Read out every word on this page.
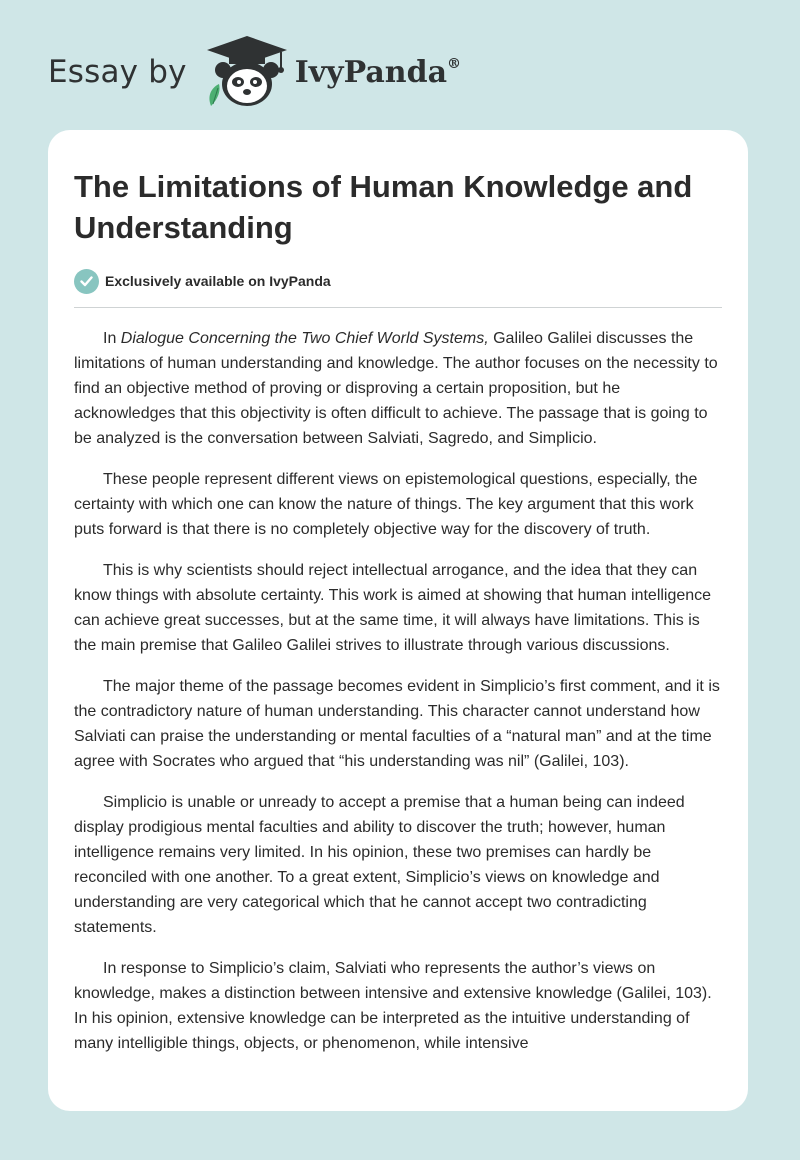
Essay by	IvyPanda®
The Limitations of Human Knowledge and Understanding
Exclusively available on IvyPanda

In Dialogue Concerning the Two Chief World Systems, Galileo Galilei discusses the limitations of human understanding and knowledge. The author focuses on the necessity to find an objective method of proving or disproving a certain proposition, but he acknowledges that this objectivity is often difficult to achieve. The passage that is going to be analyzed is the conversation between Salviati, Sagredo, and Simplicio.

These people represent different views on epistemological questions, especially, the certainty with which one can know the nature of things. The key argument that this work puts forward is that there is no completely objective way for the discovery of truth.

This is why scientists should reject intellectual arrogance, and the idea that they can know things with absolute certainty. This work is aimed at showing that human intelligence can achieve great successes, but at the same time, it will always have limitations. This is the main premise that Galileo Galilei strives to illustrate through various discussions.

The major theme of the passage becomes evident in Simplicio’s first comment, and it is the contradictory nature of human understanding. This character cannot understand how Salviati can praise the understanding or mental faculties of a “natural man” and at the time agree with Socrates who argued that “his understanding was nil” (Galilei, 103).

Simplicio is unable or unready to accept a premise that a human being can indeed display prodigious mental faculties and ability to discover the truth; however, human intelligence remains very limited. In his opinion, these two premises can hardly be reconciled with one another. To a great extent, Simplicio’s views on knowledge and understanding are very categorical which that he cannot accept two contradicting statements.

In response to Simplicio’s claim, Salviati who represents the author’s views on knowledge, makes a distinction between intensive and extensive knowledge (Galilei, 103). In his opinion, extensive knowledge can be interpreted as the intuitive understanding of many intelligible things, objects, or phenomenon, while intensive
